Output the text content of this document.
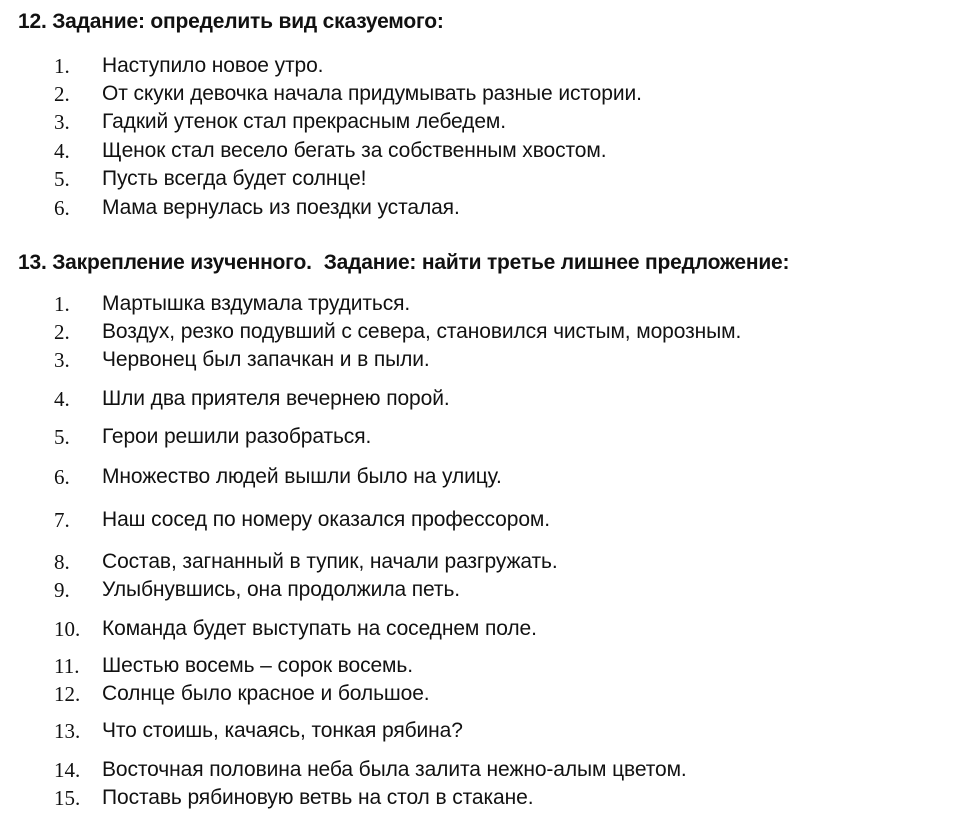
12. Задание: определить вид сказуемого:
1.	Наступило новое утро.
2.	От скуки девочка начала придумывать разные истории.
3.	Гадкий утенок стал прекрасным лебедем.
4.	Щенок стал весело бегать за собственным хвостом.
5.	Пусть всегда будет солнце!
6.	Мама вернулась из поездки усталая.
13. Закрепление изученного. Задание: найти третье лишнее предложение:
1.	Мартышка вздумала трудиться.
2.	Воздух, резко подувший с севера, становился чистым, морозным.
3.	Червонец был запачкан и в пыли.
4.	Шли два приятеля вечернею порой.
5.	Герои решили разобраться.
6.	Множество людей вышли было на улицу.
7.	Наш сосед по номеру оказался профессором.
8.	Состав, загнанный в тупик, начали разгружать.
9.	Улыбнувшись, она продолжила петь.
10.	Команда будет выступать на соседнем поле.
11.	Шестью восемь – сорок восемь.
12.	Солнце было красное и большое.
13.	Что стоишь, качаясь, тонкая рябина?
14.	Восточная половина неба была залита нежно-алым цветом.
15.	Поставь рябиновую ветвь на стол в стакане.
